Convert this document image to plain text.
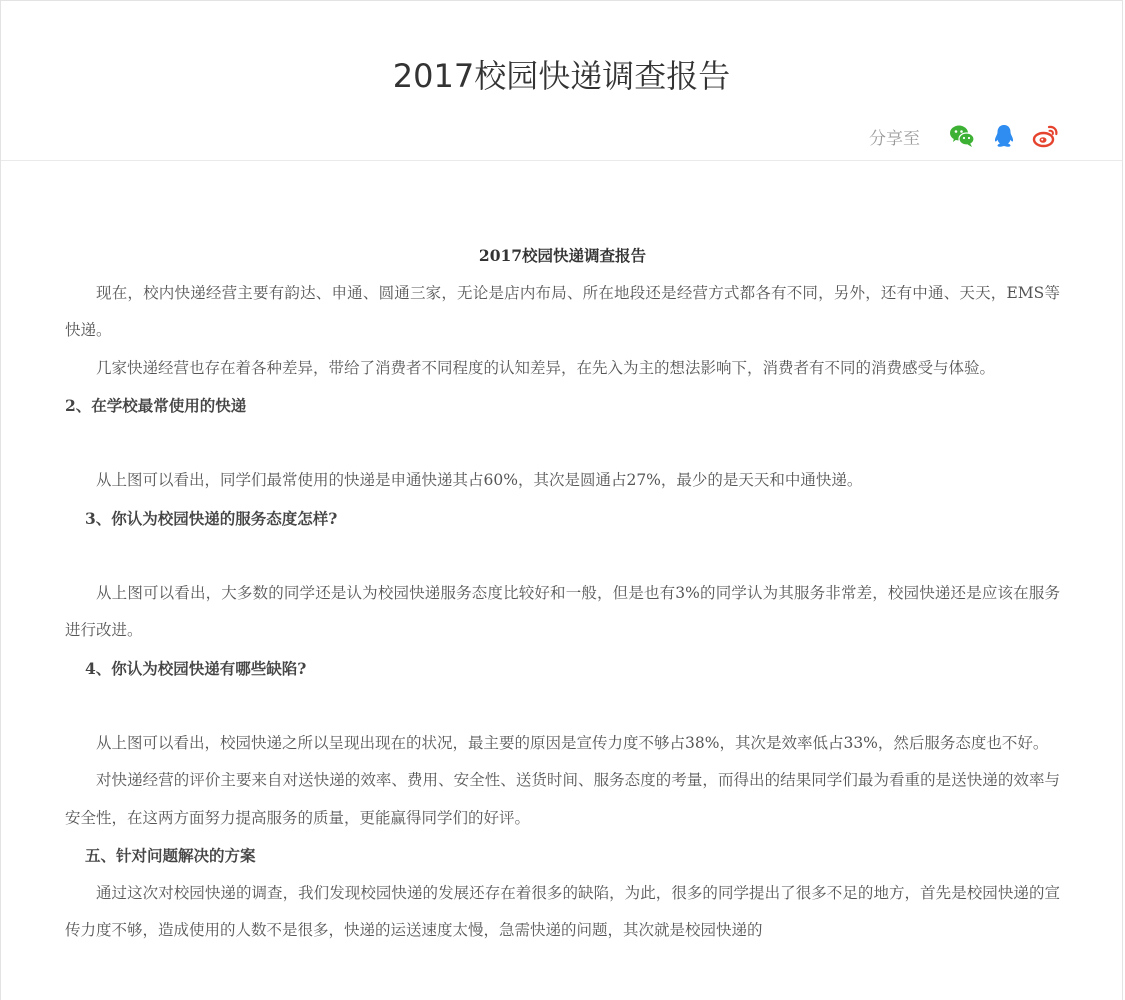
2017校园快递调查报告
分享至

2017校园快递调查报告

现在，校内快递经营主要有韵达、申通、圆通三家，无论是店内布局、所在地段还是经营方式都各有不同，另外，还有中通、天天，EMS等快递。

几家快递经营也存在着各种差异，带给了消费者不同程度的认知差异，在先入为主的想法影响下，消费者有不同的消费感受与体验。

2、在学校最常使用的快递

从上图可以看出，同学们最常使用的快递是申通快递其占60%，其次是圆通占27%，最少的是天天和中通快递。

3、你认为校园快递的服务态度怎样?

从上图可以看出，大多数的同学还是认为校园快递服务态度比较好和一般，但是也有3%的同学认为其服务非常差，校园快递还是应该在服务进行改进。

4、你认为校园快递有哪些缺陷?

从上图可以看出，校园快递之所以呈现出现在的状况，最主要的原因是宣传力度不够占38%，其次是效率低占33%，然后服务态度也不好。

对快递经营的评价主要来自对送快递的效率、费用、安全性、送货时间、服务态度的考量，而得出的结果同学们最为看重的是送快递的效率与安全性，在这两方面努力提高服务的质量，更能赢得同学们的好评。

五、针对问题解决的方案

通过这次对校园快递的调查，我们发现校园快递的发展还存在着很多的缺陷，为此，很多的同学提出了很多不足的地方，首先是校园快递的宣传力度不够，造成使用的人数不是很多，快递的运送速度太慢，急需快递的问题，其次就是校园快递的
